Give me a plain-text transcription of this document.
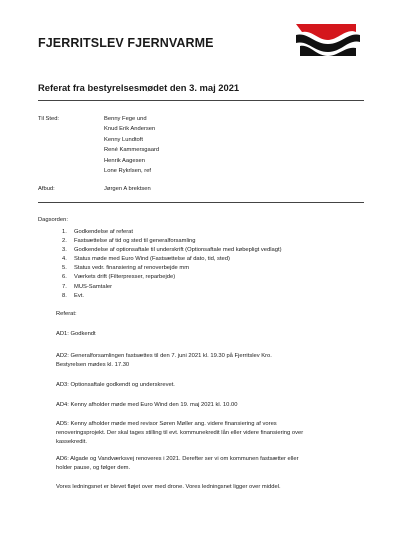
FJERRITSLEV FJERNVARME
Referat fra bestyrelsesmødet den 3. maj 2021
Til Sted:	Benny Fege und
Knud Erik Andersen
Kenny Lundtoft
René Kammersgaard
Henrik Aagesen
Lone Rykrlsen, ref
Afbud:	Jørgen A brektsen
Dagsorden:
1. Godkendelse af referat
2. Fastsættelse af tid og sted til generalforsamling
3. Godkendelse af optionsaftale til underskrift (Optionsaftale med købepligt vedlagt)
4. Status møde med Euro Wind (Fastsættelse af dato, tid, sted)
5. Status vedr. finansiering af renoverbejde mm
6. Værkets drift (Filterpresser, reparbejde)
7. MUS-Samtaler
8. Evt.
Referat:
AD1: Godkendt
AD2: Generalforsamlingen fastsættes til den 7. juni 2021 kl. 19.30 på Fjerritslev Kro.
Bestyrelsen mødes kl. 17.30
AD3: Optionsaftale godkendt og underskrevet.
AD4: Kenny afholder møde med Euro Wind den 19. maj 2021 kl. 10.00
AD5: Kenny afholder møde med revisor Søren Møller ang. videre finansiering af vores
renoveringsprojekt. Der skal tages stilling til evt. kommunekredit lån eller videre finansiering over
kassekredit.
AD6: Algade og Vandværksvej renoveres i 2021. Derefter ser vi om kommunen fastsætter eller
holder pause, og følger dem.
Vores ledningsnet er blevet fløjet over med drone. Vores ledningsnet ligger over middel.
